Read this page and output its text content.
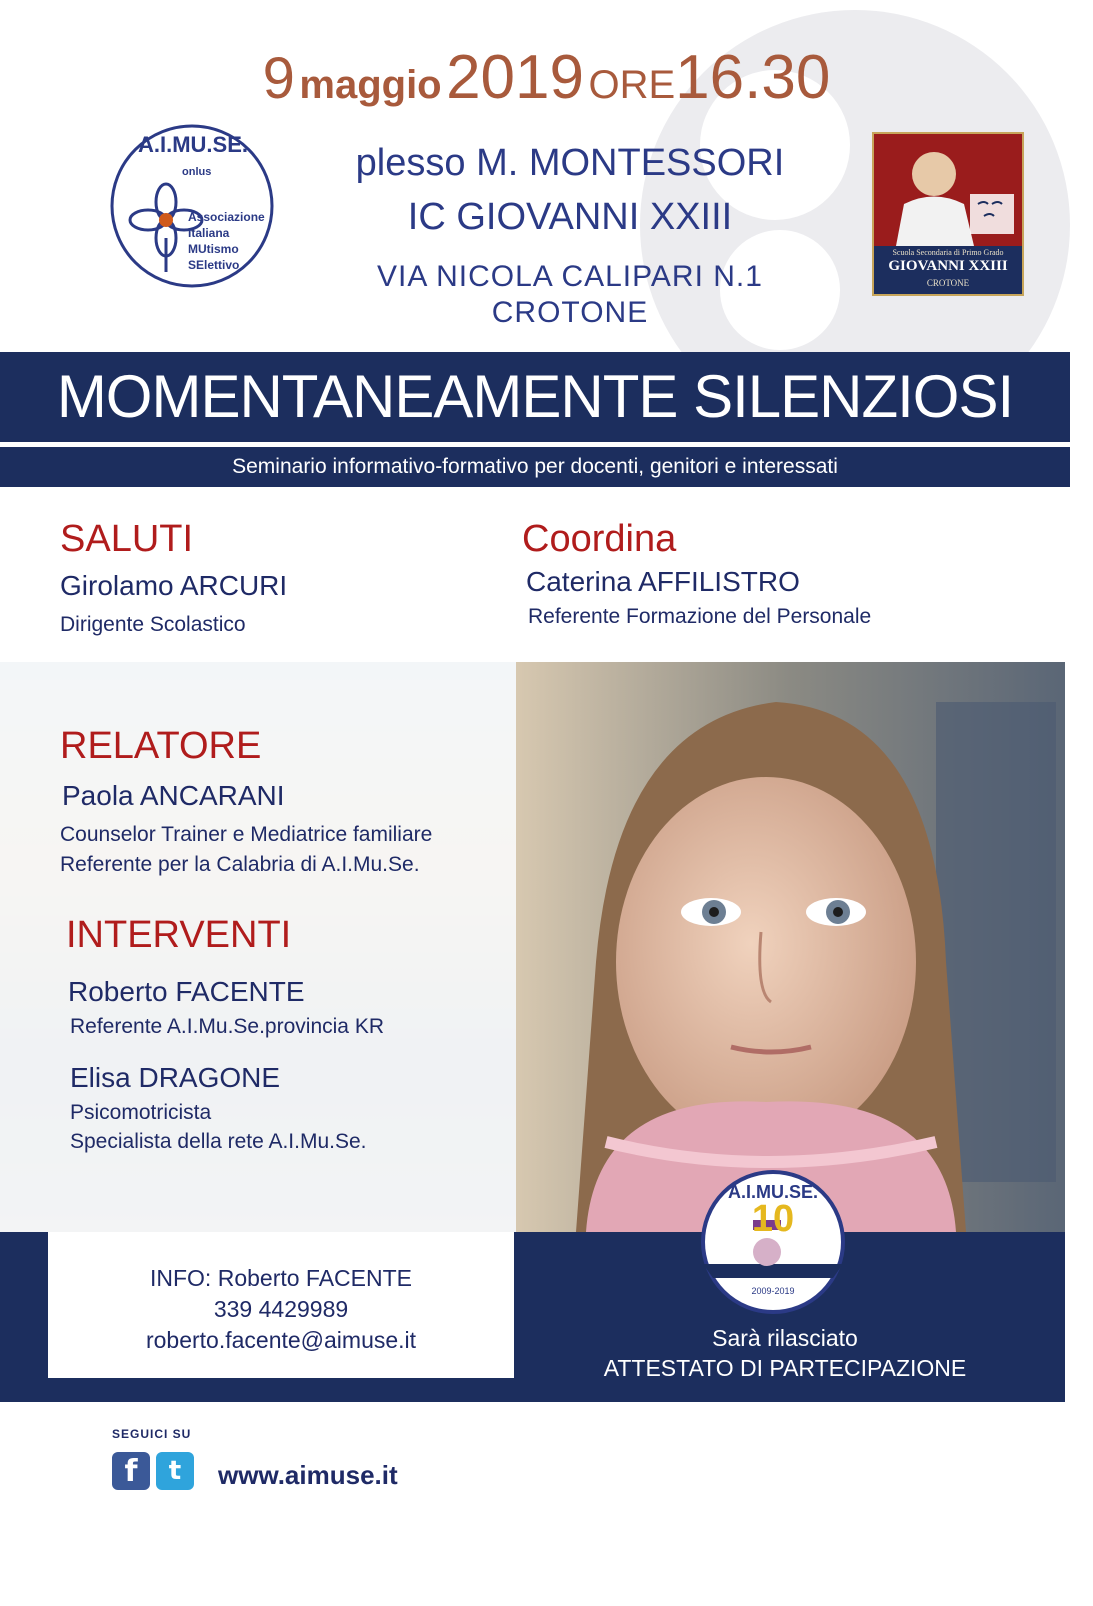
9 maggio 2019 ORE16.30
A.I.MU.SE.
onlus
Associazione
Italiana
MUtismo
SElettivo
plesso M. MONTESSORI
IC GIOVANNI XXIII
VIA NICOLA CALIPARI N.1
CROTONE
Scuola Secondaria di Primo Grado
GIOVANNI XXIII
CROTONE
MOMENTANEAMENTE SILENZIOSI
Seminario informativo-formativo per docenti, genitori e interessati
SALUTI
Girolamo ARCURI
Dirigente Scolastico
Coordina
Caterina AFFILISTRO
Referente Formazione del Personale
RELATORE
Paola ANCARANI
Counselor Trainer e Mediatrice familiare
Referente per la Calabria di A.I.Mu.Se.
INTERVENTI
Roberto FACENTE
Referente A.I.Mu.Se.provincia KR
Elisa DRAGONE
Psicomotricista
Specialista della rete A.I.Mu.Se.
INFO: Roberto FACENTE
339 4429989
roberto.facente@aimuse.it
A.I.MU.SE.
10
2009-2019
Sarà rilasciato
ATTESTATO DI PARTECIPAZIONE
SEGUICI SU
f	t	www.aimuse.it
